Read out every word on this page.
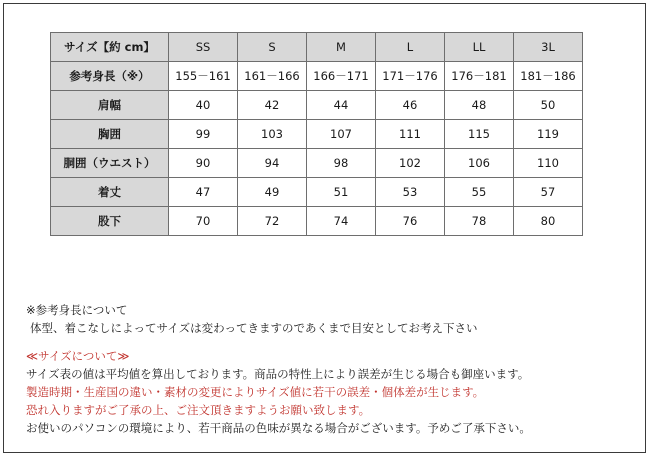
サイズ【約 cm】	SS	S	M	L	LL	3L
参考身長（※）	155－161	161－166	166－171	171－176	176－181	181－186
肩幅	40	42	44	46	48	50
胸囲	99	103	107	111	115	119
胴囲（ウエスト）	90	94	98	102	106	110
着丈	47	49	51	53	55	57
股下	70	72	74	76	78	80
※参考身長について
体型、着こなしによってサイズは変わってきますのであくまで目安としてお考え下さい
≪サイズについて≫
サイズ表の値は平均値を算出しております。商品の特性上により誤差が生じる場合も御座います。
製造時期・生産国の違い・素材の変更によりサイズ値に若干の誤差・個体差が生じます。
恐れ入りますがご了承の上、ご注文頂きますようお願い致します。
お使いのパソコンの環境により、若干商品の色味が異なる場合がございます。予めご了承下さい。
